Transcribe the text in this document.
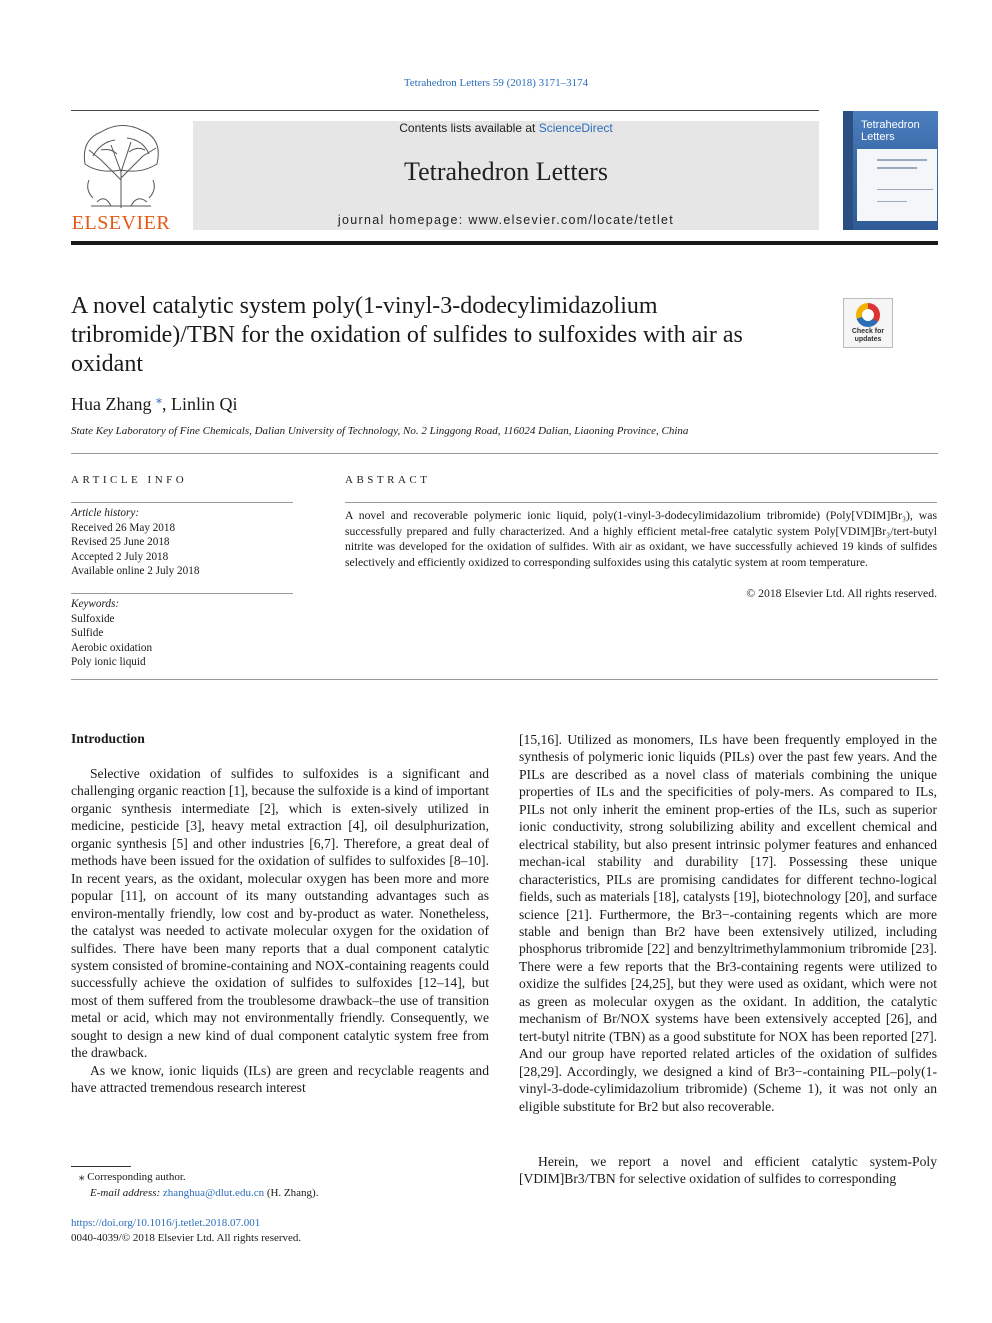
Tetrahedron Letters 59 (2018) 3171–3174
ELSEVIER
Contents lists available at ScienceDirect
Tetrahedron Letters
journal homepage: www.elsevier.com/locate/tetlet
Tetrahedron
Letters
A novel catalytic system poly(1-vinyl-3-dodecylimidazolium tribromide)/TBN for the oxidation of sulfides to sulfoxides with air as oxidant
Check for
updates
Hua Zhang ⁎, Linlin Qi
State Key Laboratory of Fine Chemicals, Dalian University of Technology, No. 2 Linggong Road, 116024 Dalian, Liaoning Province, China
ARTICLE INFO
Article history:
Received 26 May 2018
Revised 25 June 2018
Accepted 2 July 2018
Available online 2 July 2018
Keywords:
Sulfoxide
Sulfide
Aerobic oxidation
Poly ionic liquid
ABSTRACT
A novel and recoverable polymeric ionic liquid, poly(1-vinyl-3-dodecylimidazolium tribromide) (Poly[VDIM]Br₃), was successfully prepared and fully characterized. And a highly efficient metal-free catalytic system Poly[VDIM]Br₃/tert-butyl nitrite was developed for the oxidation of sulfides. With air as oxidant, we have successfully achieved 19 kinds of sulfides selectively and efficiently oxidized to corresponding sulfoxides using this catalytic system at room temperature.
© 2018 Elsevier Ltd. All rights reserved.
Introduction

Selective oxidation of sulfides to sulfoxides is a significant and challenging organic reaction [1], because the sulfoxide is a kind of important organic synthesis intermediate [2], which is exten-sively utilized in medicine, pesticide [3], heavy metal extraction [4], oil desulphurization, organic synthesis [5] and other industries [6,7]. Therefore, a great deal of methods have been issued for the oxidation of sulfides to sulfoxides [8–10]. In recent years, as the oxidant, molecular oxygen has been more and more popular [11], on account of its many outstanding advantages such as environ-mentally friendly, low cost and by-product as water. Nonetheless, the catalyst was needed to activate molecular oxygen for the oxidation of sulfides. There have been many reports that a dual component catalytic system consisted of bromine-containing and NOX-containing reagents could successfully achieve the oxidation of sulfides to sulfoxides [12–14], but most of them suffered from the troublesome drawback–the use of transition metal or acid, which may not environmentally friendly. Consequently, we sought to design a new kind of dual component catalytic system free from the drawback.

As we know, ionic liquids (ILs) are green and recyclable reagents and have attracted tremendous research interest

[15,16]. Utilized as monomers, ILs have been frequently employed in the synthesis of polymeric ionic liquids (PILs) over the past few years. And the PILs are described as a novel class of materials combining the unique properties of ILs and the specificities of poly-mers. As compared to ILs, PILs not only inherit the eminent prop-erties of the ILs, such as superior ionic conductivity, strong solubilizing ability and excellent chemical and electrical stability, but also present intrinsic polymer features and enhanced mechan-ical stability and durability [17]. Possessing these unique characteristics, PILs are promising candidates for different techno-logical fields, such as materials [18], catalysts [19], biotechnology [20], and surface science [21]. Furthermore, the Br3−-containing regents which are more stable and benign than Br2 have been extensively utilized, including phosphorus tribromide [22] and benzyltrimethylammonium tribromide [23]. There were a few reports that the Br3-containing regents were utilized to oxidize the sulfides [24,25], but they were used as oxidant, which were not as green as molecular oxygen as the oxidant. In addition, the catalytic mechanism of Br/NOX systems have been extensively accepted [26], and tert-butyl nitrite (TBN) as a good substitute for NOX has been reported [27]. And our group have reported related articles of the oxidation of sulfides [28,29]. Accordingly, we designed a kind of Br3−-containing PIL–poly(1-vinyl-3-dode-cylimidazolium tribromide) (Scheme 1), it was not only an eligible substitute for Br2 but also recoverable.

Herein, we report a novel and efficient catalytic system-Poly [VDIM]Br3/TBN for selective oxidation of sulfides to corresponding

⁎ Corresponding author.
E-mail address: zhanghua@dlut.edu.cn (H. Zhang).
https://doi.org/10.1016/j.tetlet.2018.07.001
0040-4039/© 2018 Elsevier Ltd. All rights reserved.
